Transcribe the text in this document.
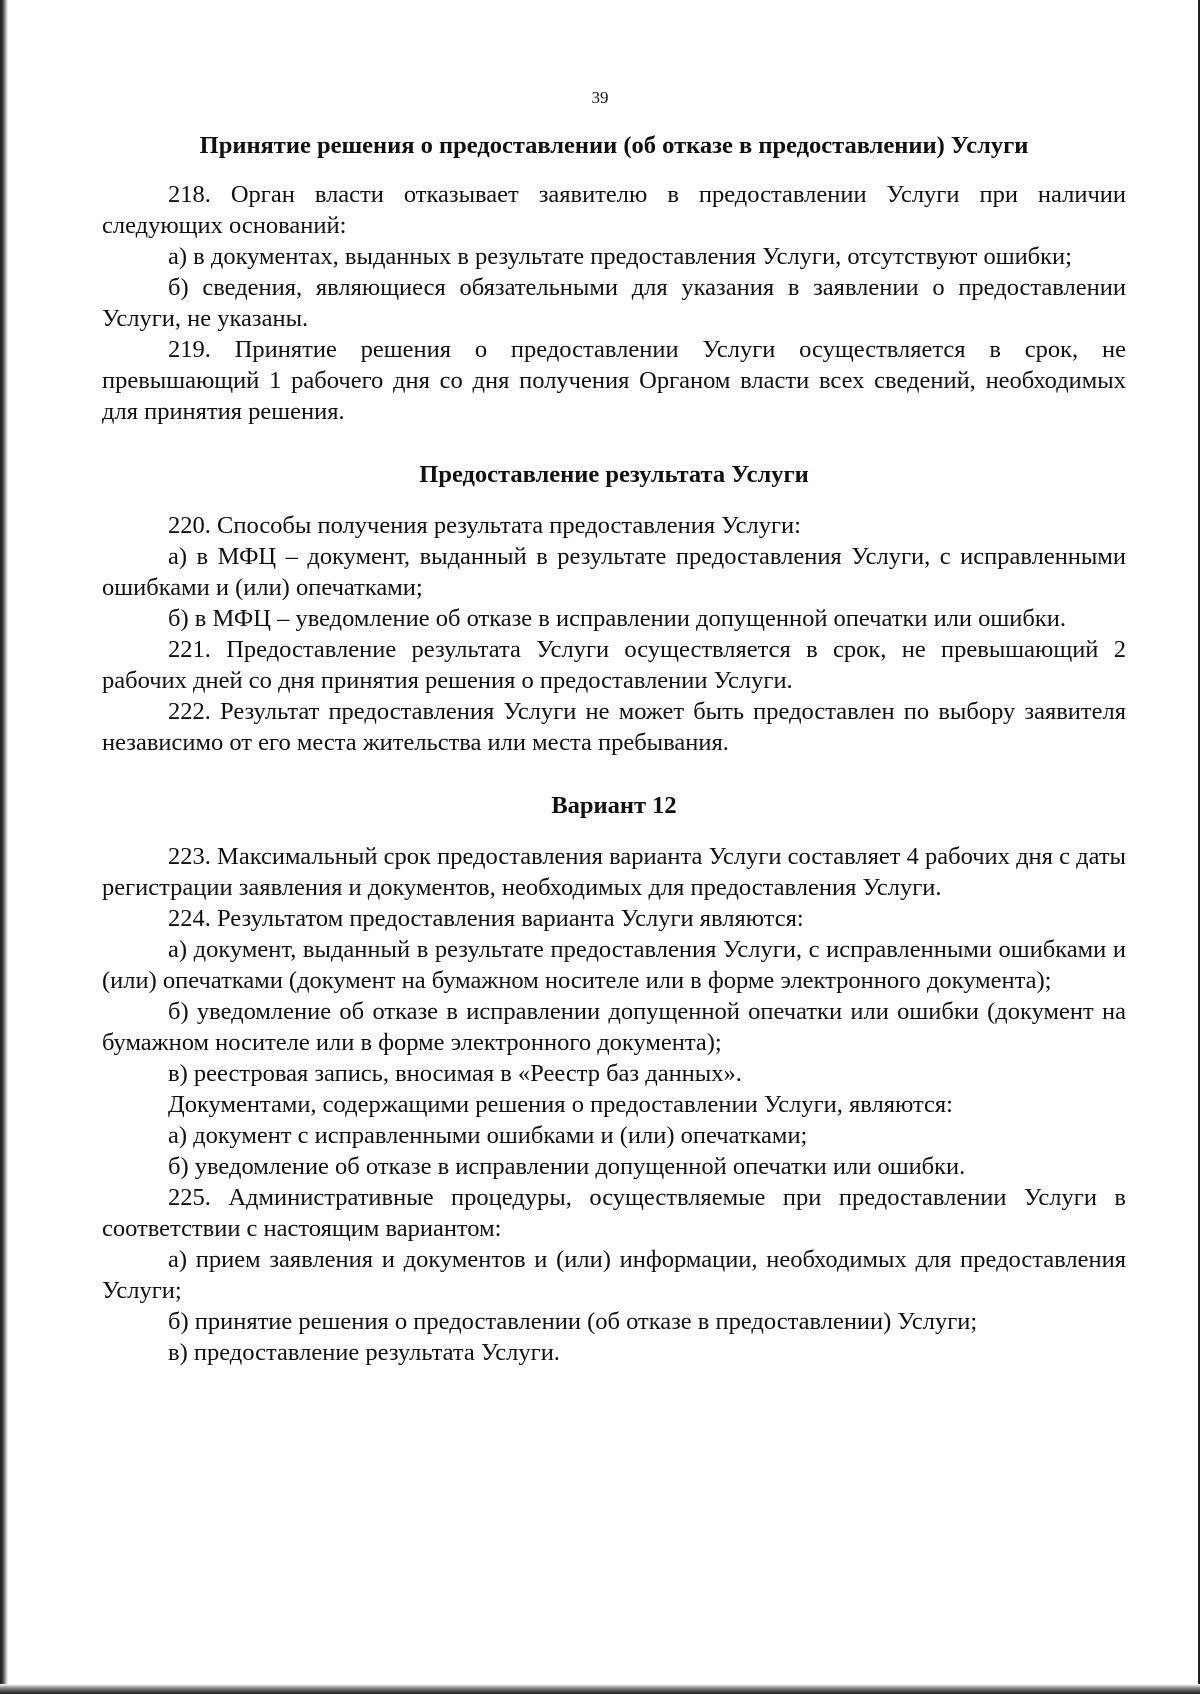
39
Принятие решения о предоставлении (об отказе в предоставлении) Услуги

218. Орган власти отказывает заявителю в предоставлении Услуги при наличии следующих оснований:

а) в документах, выданных в результате предоставления Услуги, отсутствуют ошибки;

б) сведения, являющиеся обязательными для указания в заявлении о предоставлении Услуги, не указаны.

219. Принятие решения о предоставлении Услуги осуществляется в срок, не превышающий 1 рабочего дня со дня получения Органом власти всех сведений, необходимых для принятия решения.

Предоставление результата Услуги

220. Способы получения результата предоставления Услуги:

а) в МФЦ – документ, выданный в результате предоставления Услуги, с исправленными ошибками и (или) опечатками;

б) в МФЦ – уведомление об отказе в исправлении допущенной опечатки или ошибки.

221. Предоставление результата Услуги осуществляется в срок, не превышающий 2 рабочих дней со дня принятия решения о предоставлении Услуги.

222. Результат предоставления Услуги не может быть предоставлен по выбору заявителя независимо от его места жительства или места пребывания.

Вариант 12

223. Максимальный срок предоставления варианта Услуги составляет 4 рабочих дня с даты регистрации заявления и документов, необходимых для предоставления Услуги.

224. Результатом предоставления варианта Услуги являются:

а) документ, выданный в результате предоставления Услуги, с исправленными ошибками и (или) опечатками (документ на бумажном носителе или в форме электронного документа);

б) уведомление об отказе в исправлении допущенной опечатки или ошибки (документ на бумажном носителе или в форме электронного документа);

в) реестровая запись, вносимая в «Реестр баз данных».

Документами, содержащими решения о предоставлении Услуги, являются:

а) документ с исправленными ошибками и (или) опечатками;

б) уведомление об отказе в исправлении допущенной опечатки или ошибки.

225. Административные процедуры, осуществляемые при предоставлении Услуги в соответствии с настоящим вариантом:

а) прием заявления и документов и (или) информации, необходимых для предоставления Услуги;

б) принятие решения о предоставлении (об отказе в предоставлении) Услуги;

в) предоставление результата Услуги.
